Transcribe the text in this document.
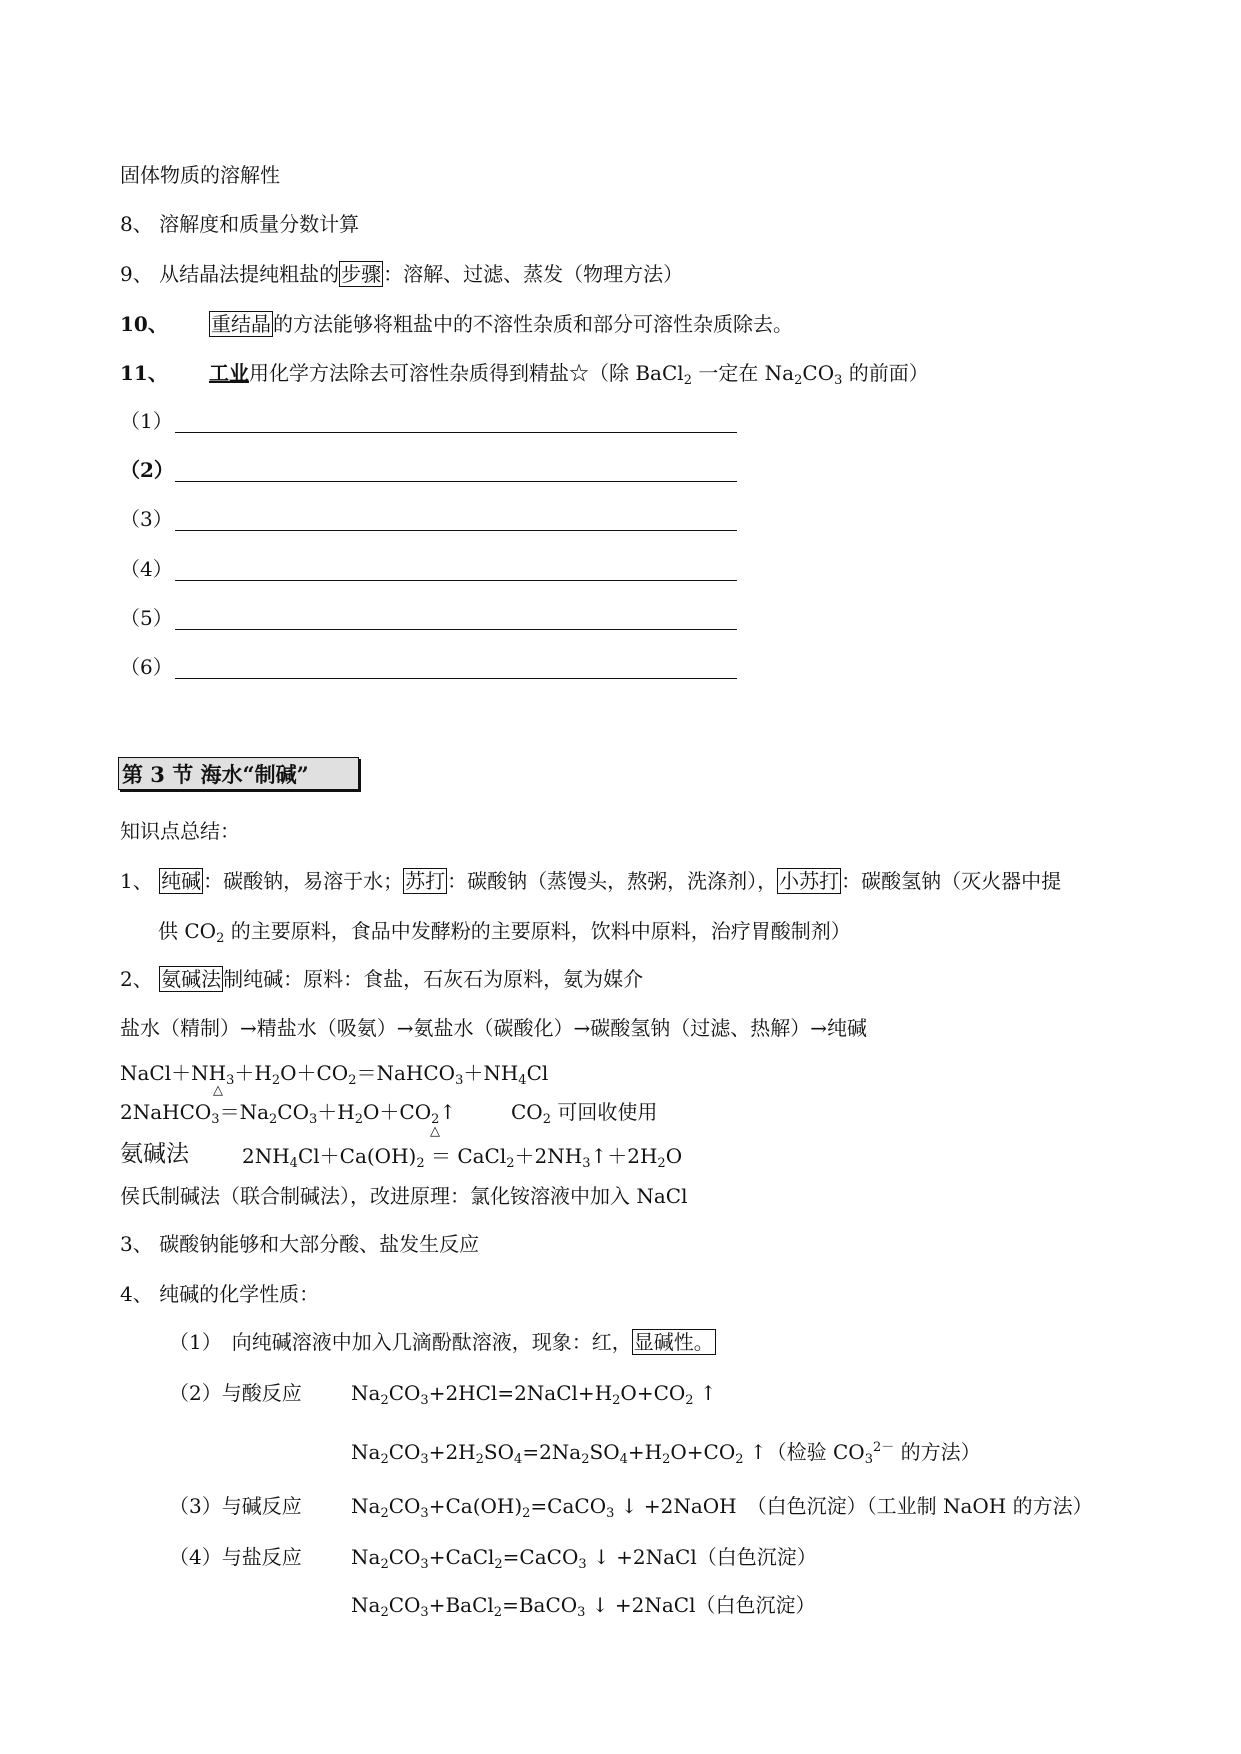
第 3 节 海水“制碱”
固体物质的溶解性
8、 溶解度和质量分数计算
9、 从结晶法提纯粗盐的 步骤 ：溶解、过滤、蒸发（物理方法）
10、 重结晶 的方法能够将粗盐中的不溶性杂质和部分可溶性杂质除去。
11、 工业用化学方法除去可溶性杂质得到精盐☆（除 BaCl$_2$ 一定在 $Na_2CO_3$ 的前面）
（1）
（2）
（3）
（4）
（5）
（6）
知识点总结：
1、 纯碱 ：碳酸钠，易溶于水； 苏打 ：碳酸钠（蒸馒头，熬粥，洗涤剂）， 小苏打 ：碳酸氢钠（灭火器中提
供 $CO_2$ 的主要原料，食品中发酵粉的主要原料，饮料中原料，治疗胃酸制剂）
2、 氨碱法 制纯碱：原料：食盐，石灰石为原料，氨为媒介
盐水（精制）→精盐水（吸氨）→氨盐水（碳酸化）→碳酸氢钠（过滤、热解）→纯碱
$NaCl+NH_3+H_2O+CO_2=NaHCO_3+NH_4Cl$
△
$2NaHCO_3=Na_2CO_3+H_2O+CO_2↑$	$CO_2$ 可回收使用
氨碱法
△
$2NH_4Cl+Ca(OH)_2$ ＝ $CaCl_2+2NH_3↑+2H_2O$
侯氏制碱法（联合制碱法），改进原理：氯化铵溶液中加入 NaCl
3、 碳酸钠能够和大部分酸、盐发生反应
4、 纯碱的化学性质：
（1）　向纯碱溶液中加入几滴酚酞溶液，现象：红， 显碱性。
（2）与酸反应 $Na_2CO_3+2HCl=2NaCl+H_2O+CO_2$ ↑
$Na_2CO_3+2H_2SO_4=2Na_2SO_4+H_2O+CO_2$ ↑（检验 $CO_3^{2-}$ 的方法）
（3）与碱反应 $Na_2CO_3+Ca(OH)_2=CaCO_3$ ↓ +2NaOH　（白色沉淀）（工业制 NaOH 的方法）
（4）与盐反应 $Na_2CO_3+CaCl_2=CaCO_3$ ↓ +2NaCl（白色沉淀）
$Na_2CO_3+BaCl_2=BaCO_3$ ↓ +2NaCl（白色沉淀）
